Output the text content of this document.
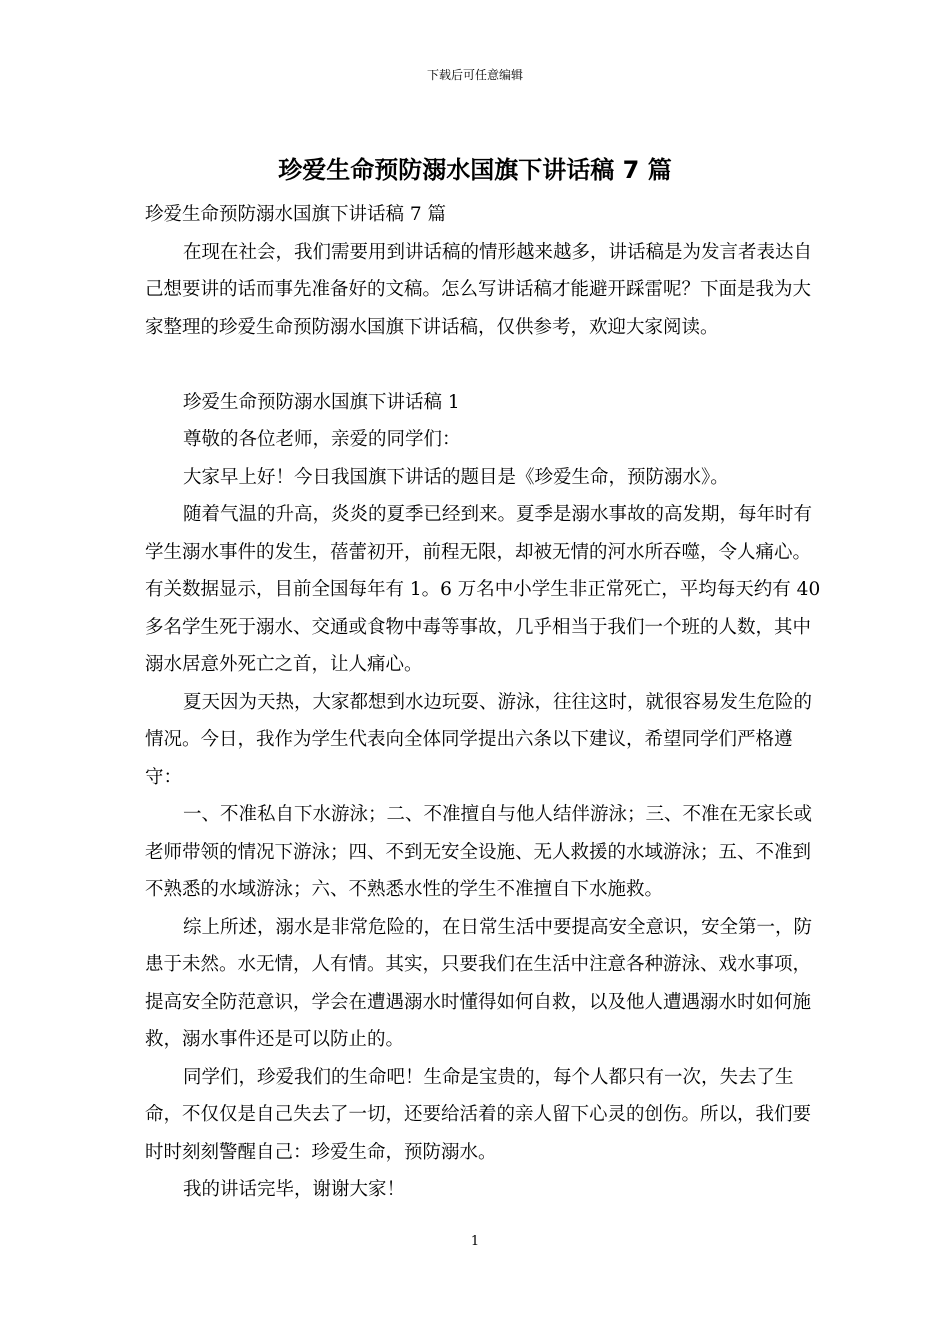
下载后可任意编辑
珍爱生命预防溺水国旗下讲话稿 7 篇

珍爱生命预防溺水国旗下讲话稿 7 篇

在现在社会，我们需要用到讲话稿的情形越来越多，讲话稿是为发言者表达自己想要讲的话而事先准备好的文稿。怎么写讲话稿才能避开踩雷呢？下面是我为大家整理的珍爱生命预防溺水国旗下讲话稿，仅供参考，欢迎大家阅读。

珍爱生命预防溺水国旗下讲话稿 1

尊敬的各位老师，亲爱的同学们：

大家早上好！今日我国旗下讲话的题目是《珍爱生命，预防溺水》。

随着气温的升高，炎炎的夏季已经到来。夏季是溺水事故的高发期，每年时有学生溺水事件的发生，蓓蕾初开，前程无限，却被无情的河水所吞噬，令人痛心。有关数据显示，目前全国每年有 1。6 万名中小学生非正常死亡，平均每天约有 40 多名学生死于溺水、交通或食物中毒等事故，几乎相当于我们一个班的人数，其中溺水居意外死亡之首，让人痛心。

夏天因为天热，大家都想到水边玩耍、游泳，往往这时，就很容易发生危险的情况。今日，我作为学生代表向全体同学提出六条以下建议，希望同学们严格遵守：

一、不准私自下水游泳；二、不准擅自与他人结伴游泳；三、不准在无家长或老师带领的情况下游泳；四、不到无安全设施、无人救援的水域游泳；五、不准到不熟悉的水域游泳；六、不熟悉水性的学生不准擅自下水施救。

综上所述，溺水是非常危险的，在日常生活中要提高安全意识，安全第一，防患于未然。水无情，人有情。其实，只要我们在生活中注意各种游泳、戏水事项，提高安全防范意识，学会在遭遇溺水时懂得如何自救，以及他人遭遇溺水时如何施救，溺水事件还是可以防止的。

同学们，珍爱我们的生命吧！生命是宝贵的，每个人都只有一次，失去了生命，不仅仅是自己失去了一切，还要给活着的亲人留下心灵的创伤。所以，我们要时时刻刻警醒自己：珍爱生命，预防溺水。

我的讲话完毕，谢谢大家！

1
